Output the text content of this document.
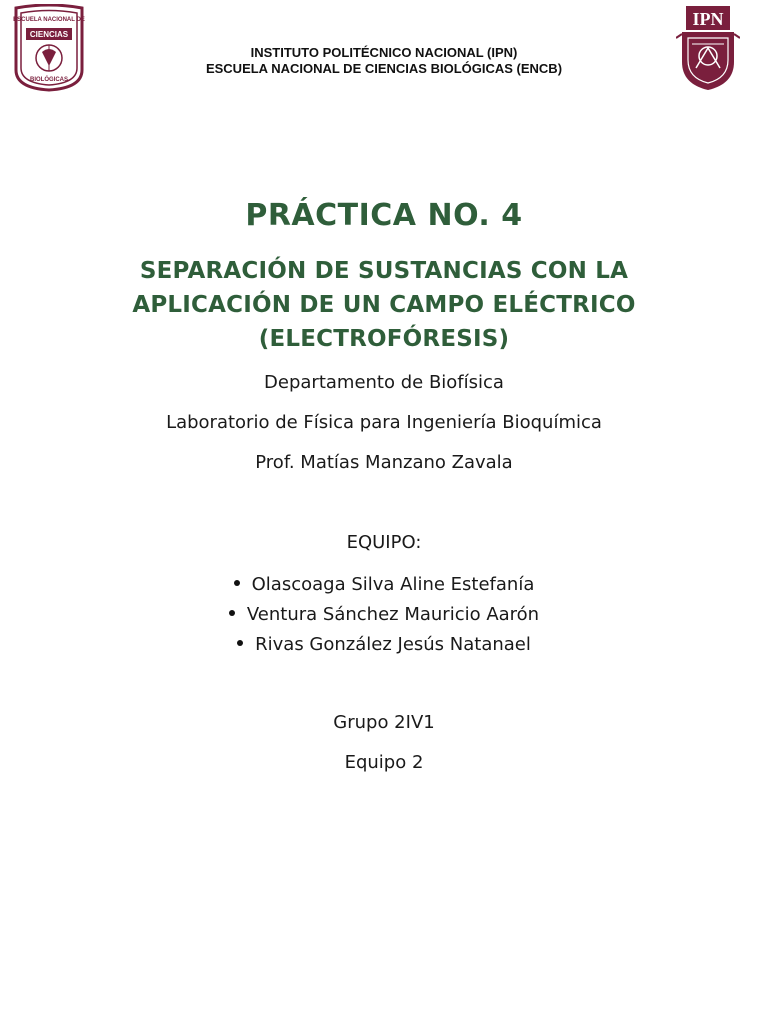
ESCUELA NACIONAL DE
CIENCIAS
BIOLÓGICAS
INSTITUTO POLITÉCNICO NACIONAL (IPN)
ESCUELA NACIONAL DE CIENCIAS BIOLÓGICAS (ENCB)
IPN
PRÁCTICA NO. 4
SEPARACIÓN DE SUSTANCIAS CON LA
APLICACIÓN DE UN CAMPO ELÉCTRICO
(ELECTROFÓRESIS)
Departamento de Biofísica
Laboratorio de Física para Ingeniería Bioquímica
Prof. Matías Manzano Zavala
EQUIPO:
Olascoaga Silva Aline Estefanía
Ventura Sánchez Mauricio Aarón
Rivas González Jesús Natanael
Grupo 2IV1
Equipo 2
